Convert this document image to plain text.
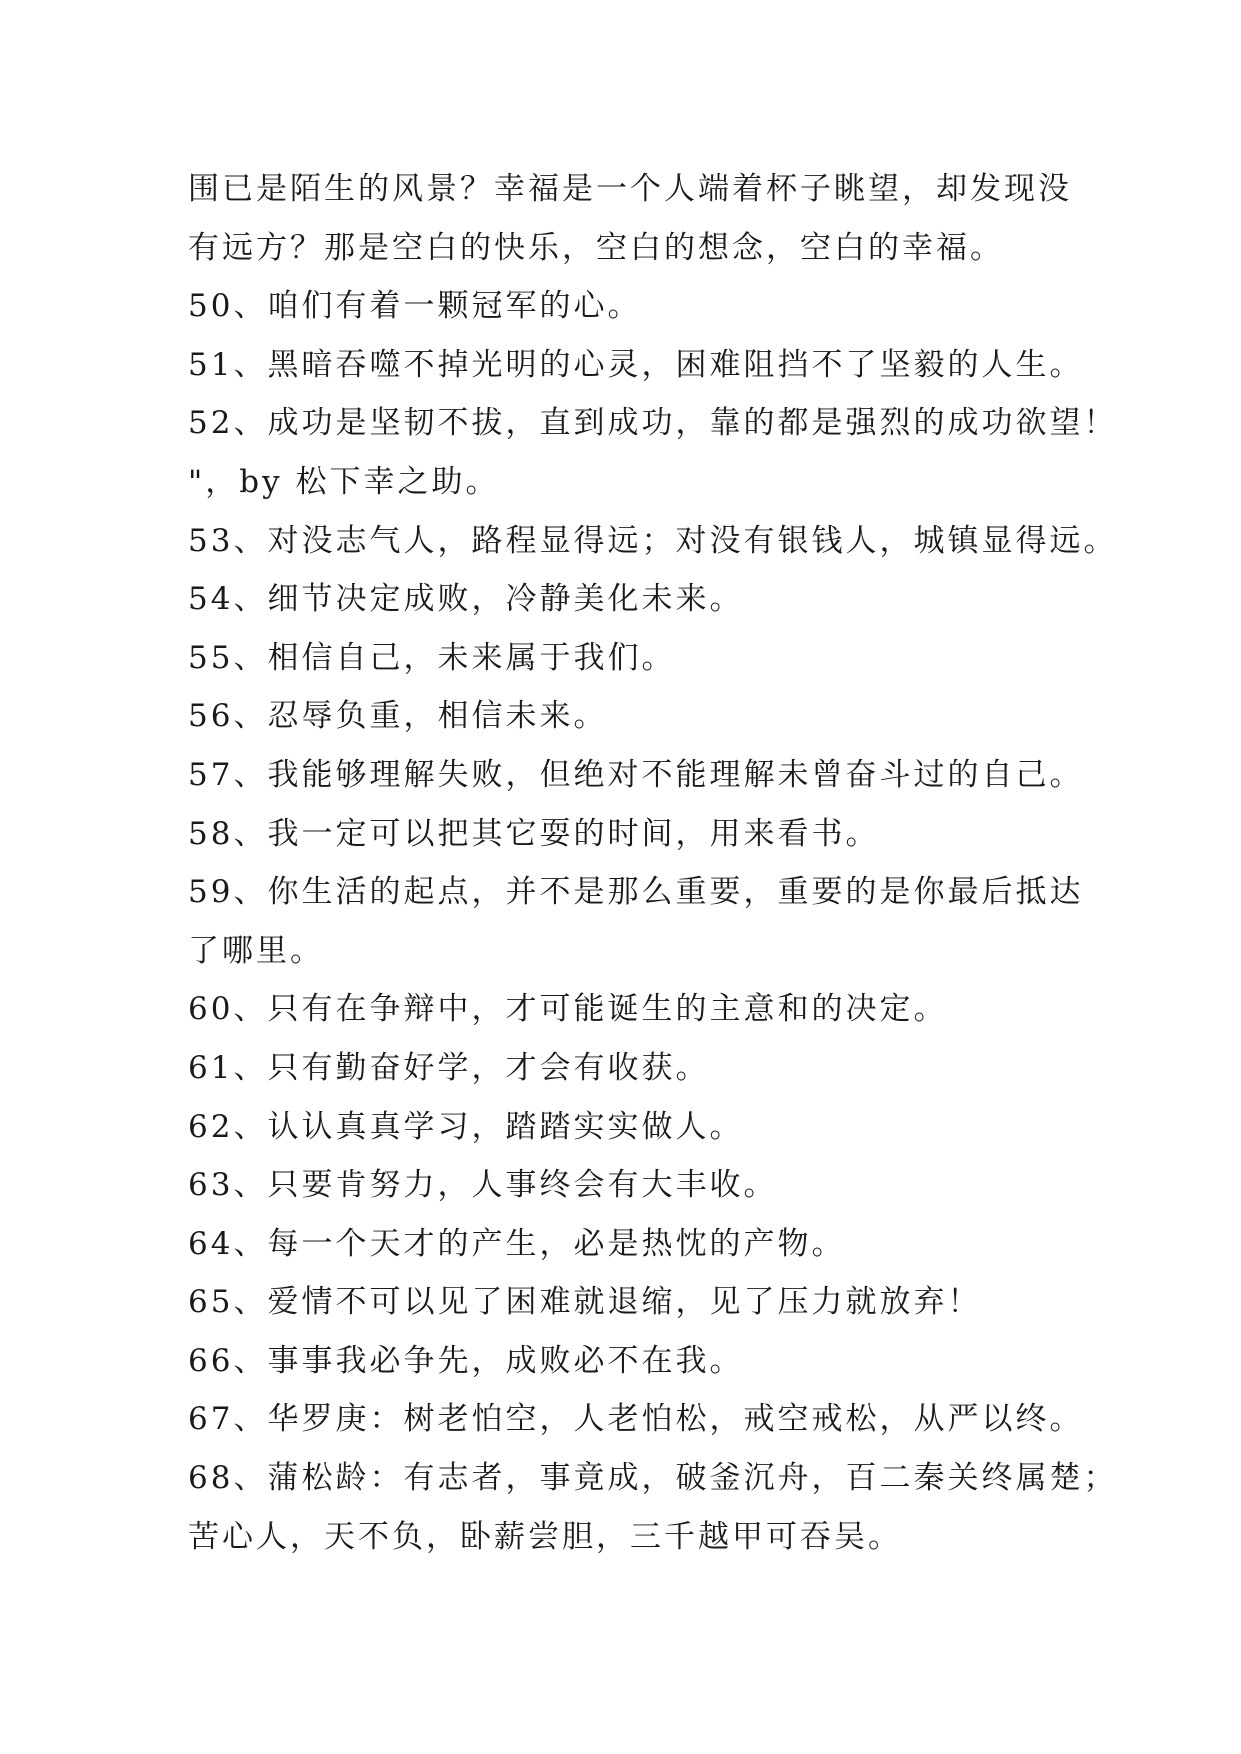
围已是陌生的风景？幸福是一个人端着杯子眺望，却发现没
有远方？那是空白的快乐，空白的想念，空白的幸福。
50、咱们有着一颗冠军的心。
51、黑暗吞噬不掉光明的心灵，困难阻挡不了坚毅的人生。
52、成功是坚韧不拔，直到成功，靠的都是强烈的成功欲望！
"，by 松下幸之助。
53、对没志气人，路程显得远；对没有银钱人，城镇显得远。
54、细节决定成败，冷静美化未来。
55、相信自己，未来属于我们。
56、忍辱负重，相信未来。
57、我能够理解失败，但绝对不能理解未曾奋斗过的自己。
58、我一定可以把其它耍的时间，用来看书。
59、你生活的起点，并不是那么重要，重要的是你最后抵达
了哪里。
60、只有在争辩中，才可能诞生的主意和的决定。
61、只有勤奋好学，才会有收获。
62、认认真真学习，踏踏实实做人。
63、只要肯努力，人事终会有大丰收。
64、每一个天才的产生，必是热忱的产物。
65、爱情不可以见了困难就退缩，见了压力就放弃！
66、事事我必争先，成败必不在我。
67、华罗庚：树老怕空，人老怕松，戒空戒松，从严以终。
68、蒲松龄：有志者，事竟成，破釜沉舟，百二秦关终属楚；
苦心人，天不负，卧薪尝胆，三千越甲可吞吴。
